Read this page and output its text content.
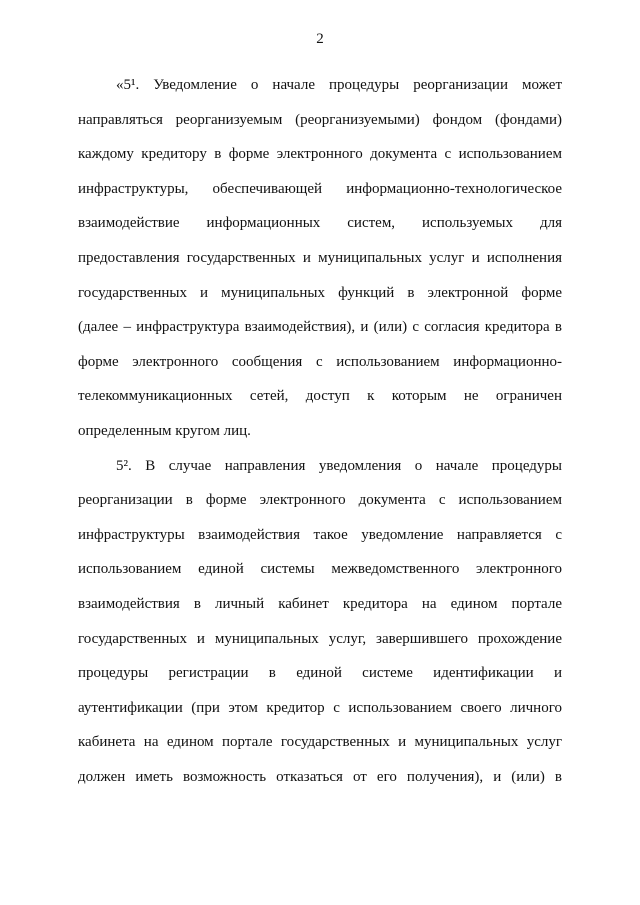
2
«5¹. Уведомление о начале процедуры реорганизации может
направляться реорганизуемым (реорганизуемыми) фондом (фондами)
каждому кредитору в форме электронного документа с использованием
инфраструктуры, обеспечивающей информационно-технологическое
взаимодействие информационных систем, используемых для
предоставления государственных и муниципальных услуг и исполнения
государственных и муниципальных функций в электронной форме
(далее – инфраструктура взаимодействия), и (или) с согласия кредитора в
форме электронного сообщения с использованием информационно-
телекоммуникационных сетей, доступ к которым не ограничен
определенным кругом лиц.
5². В случае направления уведомления о начале процедуры
реорганизации в форме электронного документа с использованием
инфраструктуры взаимодействия такое уведомление направляется с
использованием единой системы межведомственного электронного
взаимодействия в личный кабинет кредитора на едином портале
государственных и муниципальных услуг, завершившего прохождение
процедуры регистрации в единой системе идентификации и
аутентификации (при этом кредитор с использованием своего личного
кабинета на едином портале государственных и муниципальных услуг
должен иметь возможность отказаться от его получения), и (или) в
